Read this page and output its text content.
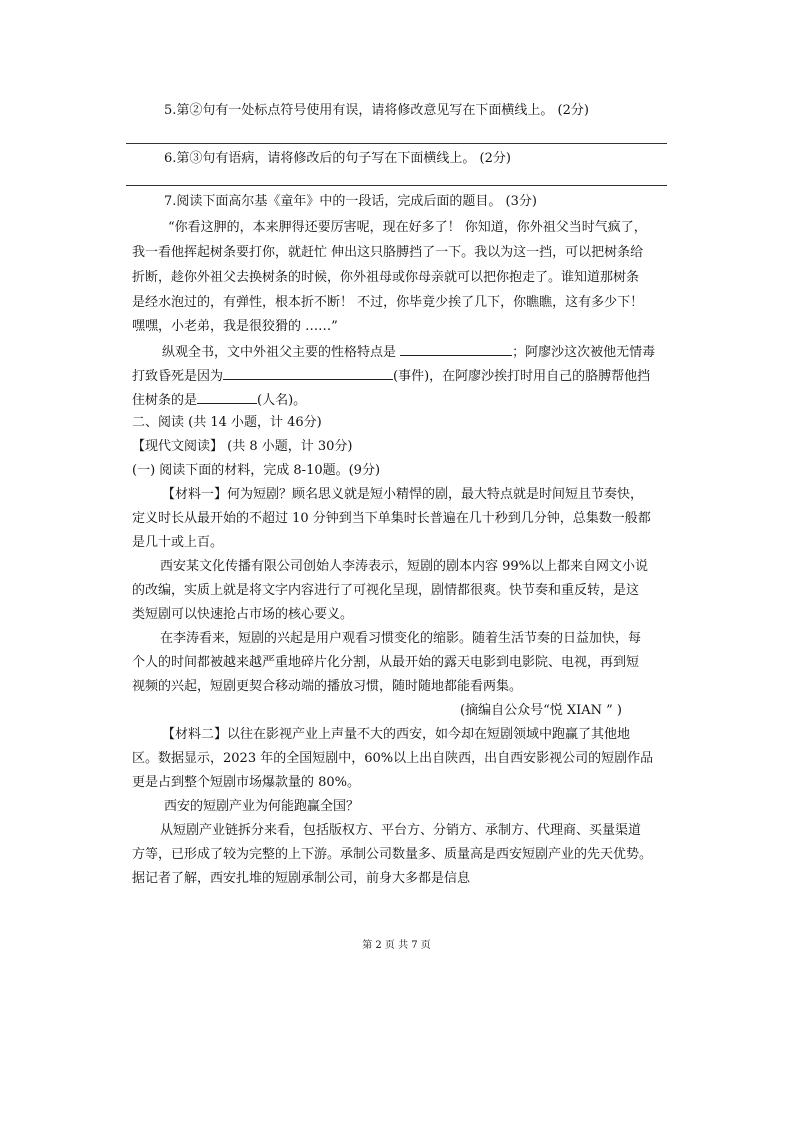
5.第②句有一处标点符号使用有误，请将修改意见写在下面横线上。 (2分)
6.第③句有语病，请将修改后的句子写在下面横线上。 (2分)
7.阅读下面高尔基《童年》中的一段话，完成后面的题目。 (3分)
“你看这胛的，本来胛得还要厉害呢，现在好多了！ 你知道，你外祖父当时气疯了，
我一看他挥起树条要打你，就赶忙 伸出这只胳膊挡了一下。我以为这一挡，可以把树条给
折断，趁你外祖父去换树条的时候，你外祖母或你母亲就可以把你抱走了。谁知道那树条
是经水泡过的，有弹性，根本折不断！ 不过，你毕竟少挨了几下，你瞧瞧，这有多少下！
嘿嘿，小老弟，我是很狡猾的 ……”
纵观全书，文中外祖父主要的性格特点是	；阿廖沙这次被他无情毒
打致昏死是因为	(事件)，在阿廖沙挨打时用自己的胳膊帮他挡
住树条的是	(人名)。
二、阅读 (共 14 小题，计 46分)
【现代文阅读】 (共 8 小题，计 30分)
(一) 阅读下面的材料，完成 8-10题。(9分)
【材料一】何为短剧？顾名思义就是短小精悍的剧，最大特点就是时间短且节奏快，
定义时长从最开始的不超过 10 分钟到当下单集时长普遍在几十秒到几分钟，总集数一般都
是几十或上百。
西安某文化传播有限公司创始人李涛表示，短剧的剧本内容 99%以上都来自网文小说
的改编，实质上就是将文字内容进行了可视化呈现，剧情都很爽。快节奏和重反转，是这
类短剧可以快速抢占市场的核心要义。
在李涛看来，短剧的兴起是用户观看习惯变化的缩影。随着生活节奏的日益加快，每
个人的时间都被越来越严重地碎片化分割，从最开始的露天电影到电影院、电视，再到短
视频的兴起，短剧更契合移动端的播放习惯，随时随地都能看两集。
(摘编自公众号“悦 XIAN ” )
【材料二】以往在影视产业上声量不大的西安，如今却在短剧领域中跑赢了其他地
区。数据显示，2023 年的全国短剧中，60%以上出自陕西，出自西安影视公司的短剧作品
更是占到整个短剧市场爆款量的 80%。
西安的短剧产业为何能跑赢全国？
从短剧产业链拆分来看，包括版权方、平台方、分销方、承制方、代理商、买量渠道
方等，已形成了较为完整的上下游。承制公司数量多、质量高是西安短剧产业的先天优势。
据记者了解，西安扎堆的短剧承制公司，前身大多都是信息
第 2 页 共 7 页
